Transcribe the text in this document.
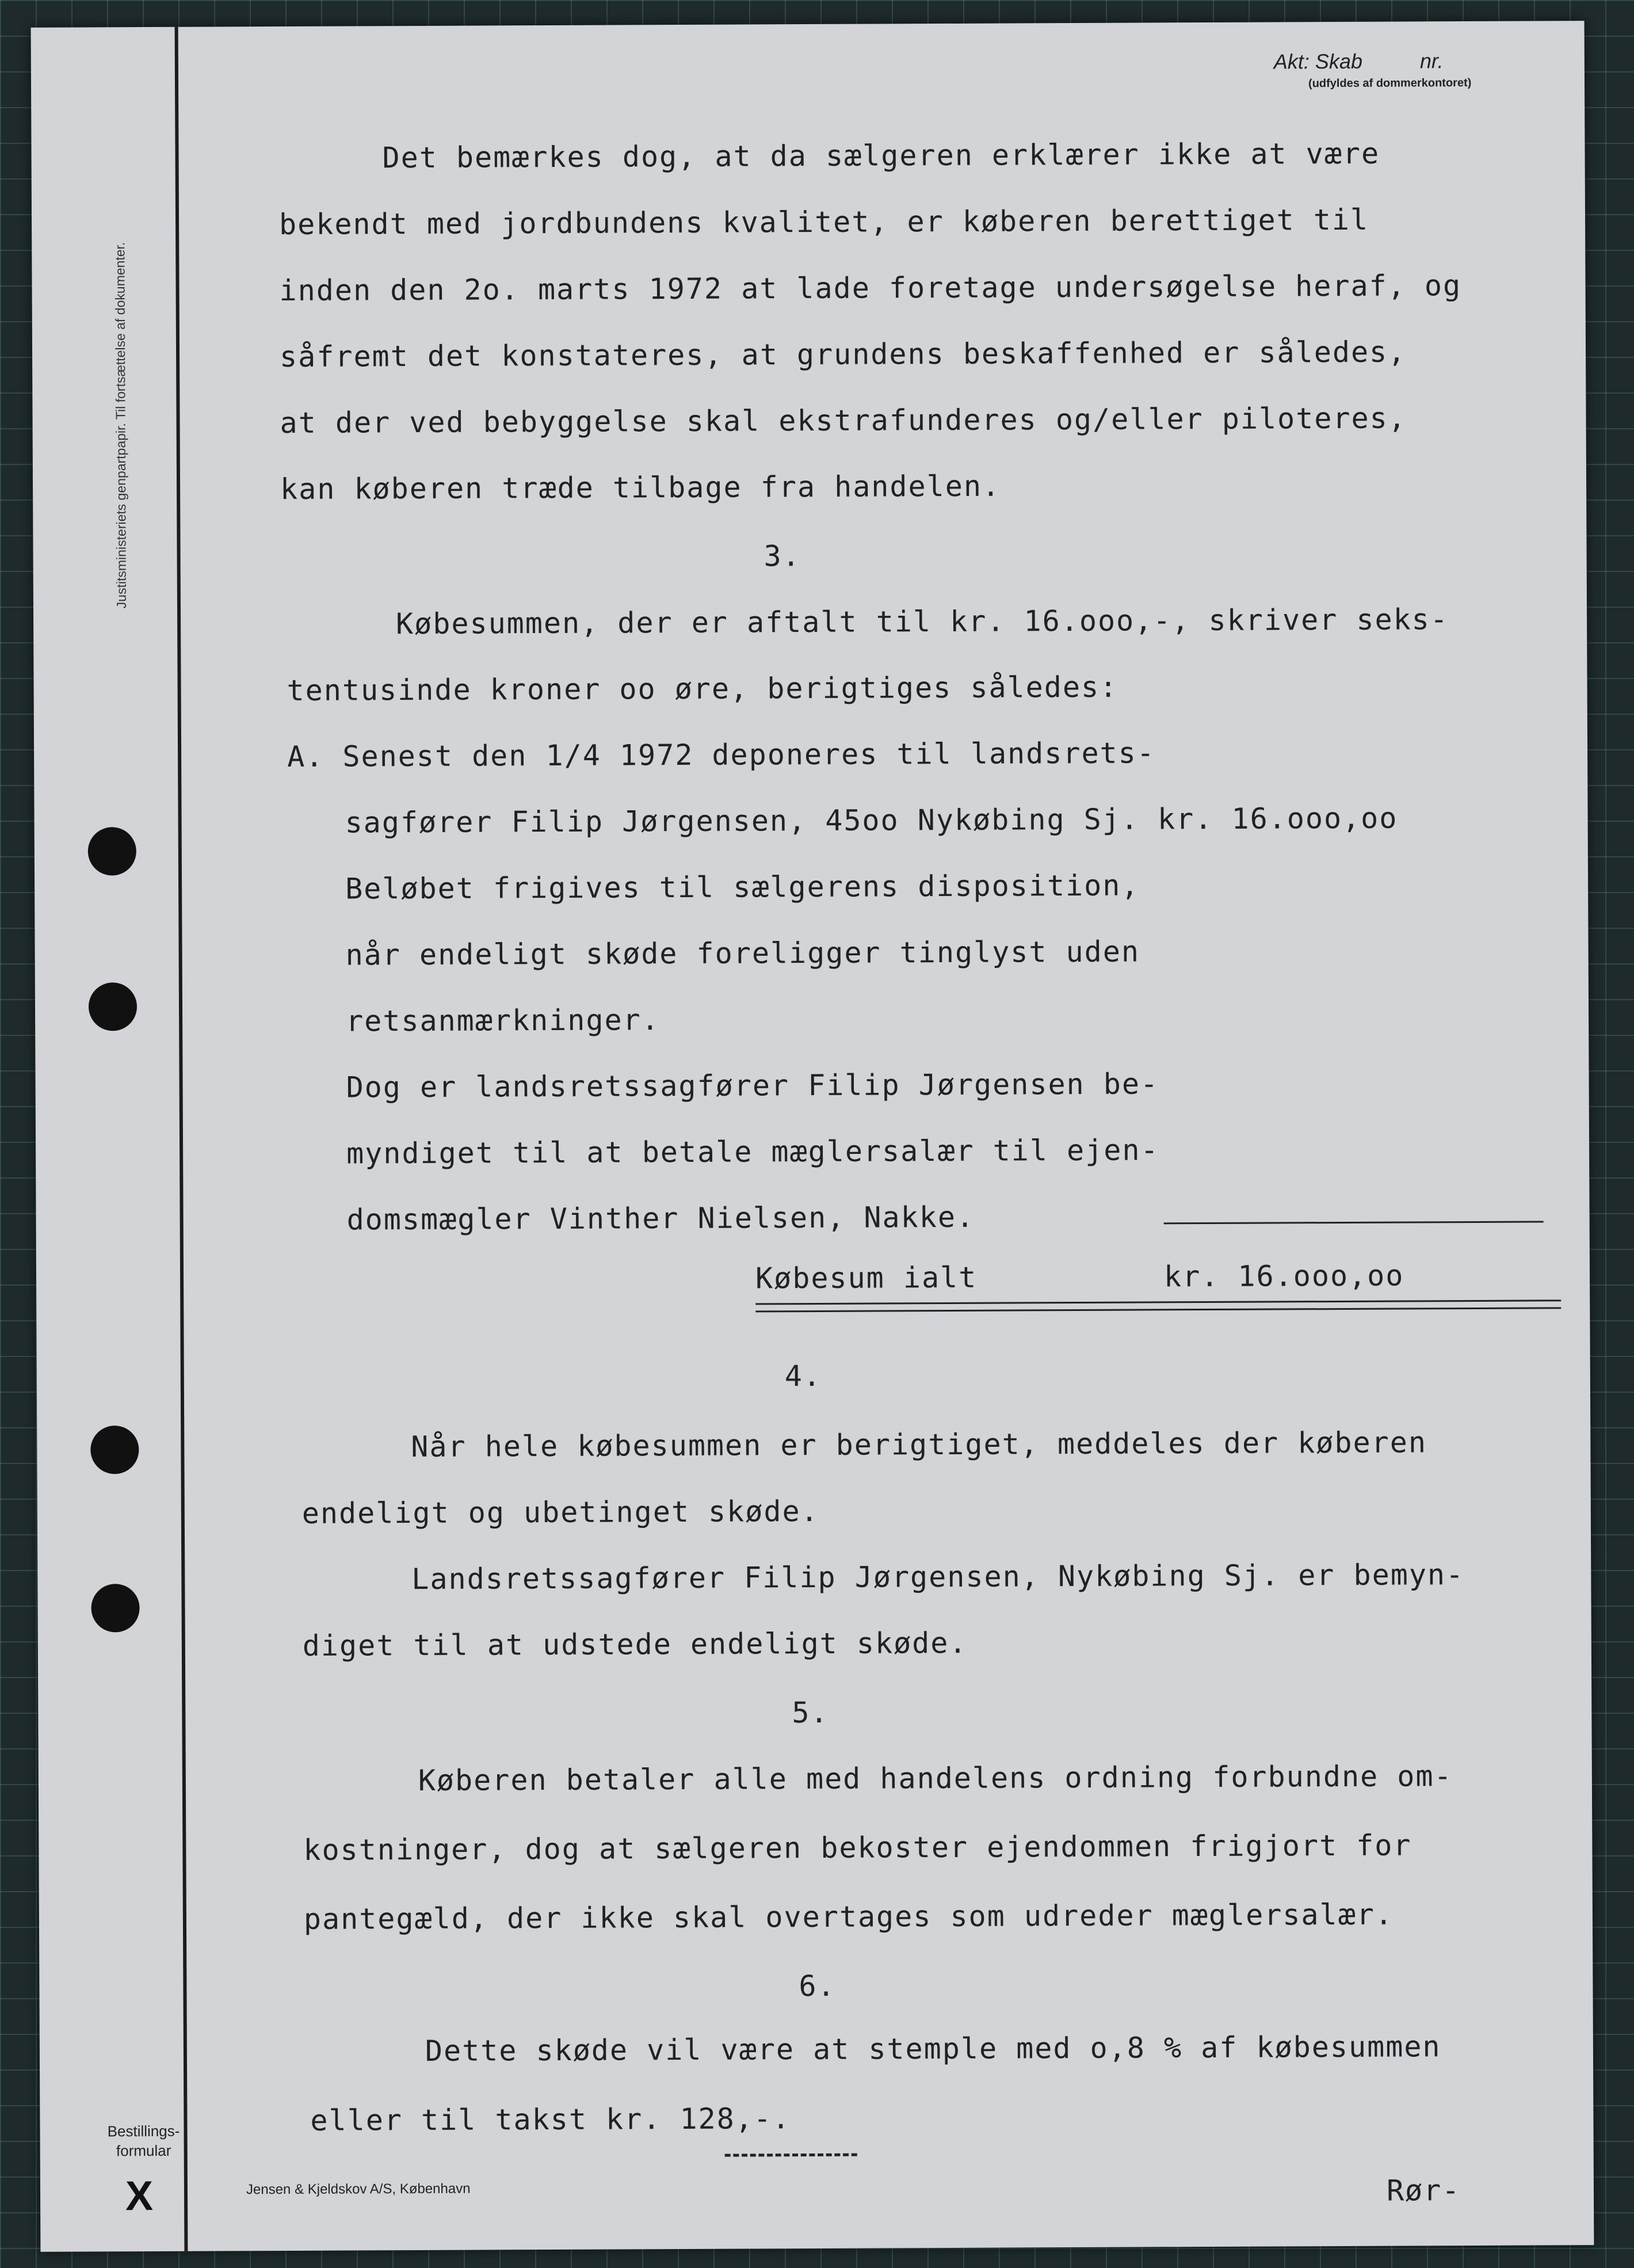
Justitsministeriets genpartpapir. Til fortsættelse af dokumenter.
Akt: Skab	nr.
(udfyldes af dommerkontoret)
Det bemærkes dog, at da sælgeren erklærer ikke at være
bekendt med jordbundens kvalitet, er køberen berettiget til
inden den 2o. marts 1972 at lade foretage undersøgelse heraf, og
såfremt det konstateres, at grundens beskaffenhed er således,
at der ved bebyggelse skal ekstrafunderes og/eller piloteres,
kan køberen træde tilbage fra handelen.
3.
Købesummen, der er aftalt til kr. 16.ooo,-, skriver seks-
tentusinde kroner oo øre, berigtiges således:
A. Senest den 1/4 1972 deponeres til landsrets-
sagfører Filip Jørgensen, 45oo Nykøbing Sj. kr. 16.ooo,oo
Beløbet frigives til sælgerens disposition,
når endeligt skøde foreligger tinglyst uden
retsanmærkninger.
Dog er landsretssagfører Filip Jørgensen be-
myndiget til at betale mæglersalær til ejen-
domsmægler Vinther Nielsen, Nakke.
Købesum ialt	kr. 16.ooo,oo
4.
Når hele købesummen er berigtiget, meddeles der køberen
endeligt og ubetinget skøde.
Landsretssagfører Filip Jørgensen, Nykøbing Sj. er bemyn-
diget til at udstede endeligt skøde.
5.
Køberen betaler alle med handelens ordning forbundne om-
kostninger, dog at sælgeren bekoster ejendommen frigjort for
pantegæld, der ikke skal overtages som udreder mæglersalær.
6.
Dette skøde vil være at stemple med o,8 % af købesummen
eller til takst kr. 128,-.
Rør-
Bestillings-
formular
X	Jensen & Kjeldskov A/S, København
